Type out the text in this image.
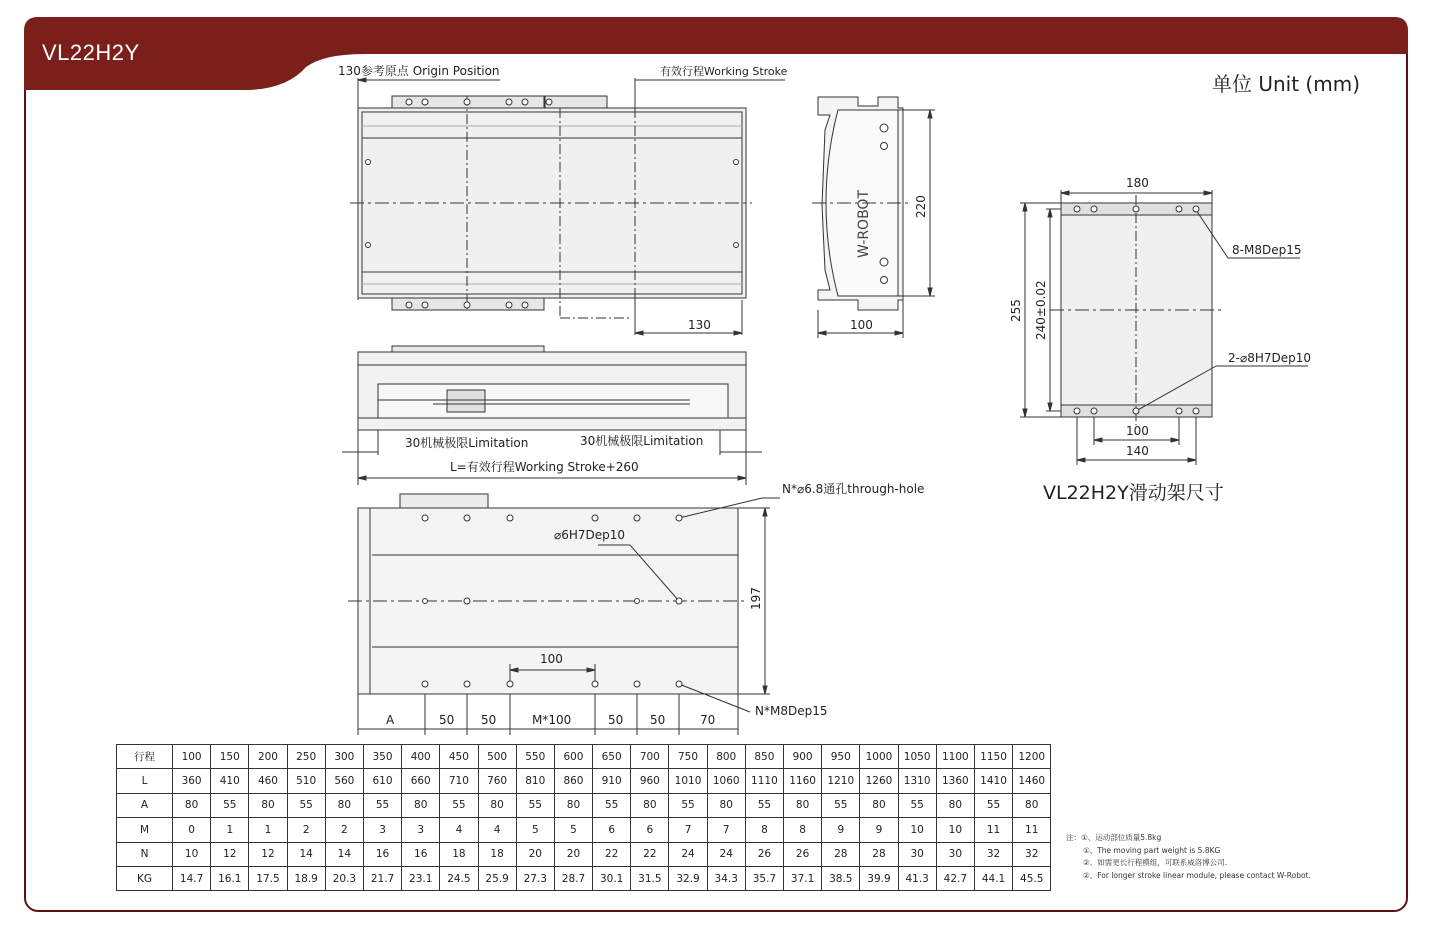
VL22H2Y
单位 Unit (mm)
130参考原点 Origin Position	有效行程Working Stroke
130	100
220
W-ROBOT
30机械极限Limitation	30机械极限Limitation
L=有效行程Working Stroke+260
N*⌀6.8通孔through-hole
⌀6H7Dep10
100
197
N*M8Dep15
A	50 50	M*100	50 50	70
180
255 240±0.02
100
140
8-M8Dep15
2-⌀8H7Dep10
VL22H2Y滑动架尺寸
行程	100	150	200	250	300	350	400	450	500	550	600	650	700	750	800	850	900	950	1000	1050	1100	1150	1200
L	360	410	460	510	560	610	660	710	760	810	860	910	960	1010	1060	1110	1160	1210	1260	1310	1360	1410	1460
A	80	55	80	55	80	55	80	55	80	55	80	55	80	55	80	55	80	55	80	55	80	55	80
M	0	1	1	2	2	3	3	4	4	5	5	6	6	7	7	8	8	9	9	10	10	11	11
N	10	12	12	14	14	16	16	18	18	20	20	22	22	24	24	26	26	28	28	30	30	32	32
KG	14.7	16.1	17.5	18.9	20.3	21.7	23.1	24.5	25.9	27.3	28.7	30.1	31.5	32.9	34.3	35.7	37.1	38.5	39.9	41.3	42.7	44.1	45.5
注：①、运动部位质量5.8kg
①、The moving part weight is 5.8KG
②、如需更长行程模组，可联系威洛博公司.
②、For longer stroke linear module, please contact W-Robot.
